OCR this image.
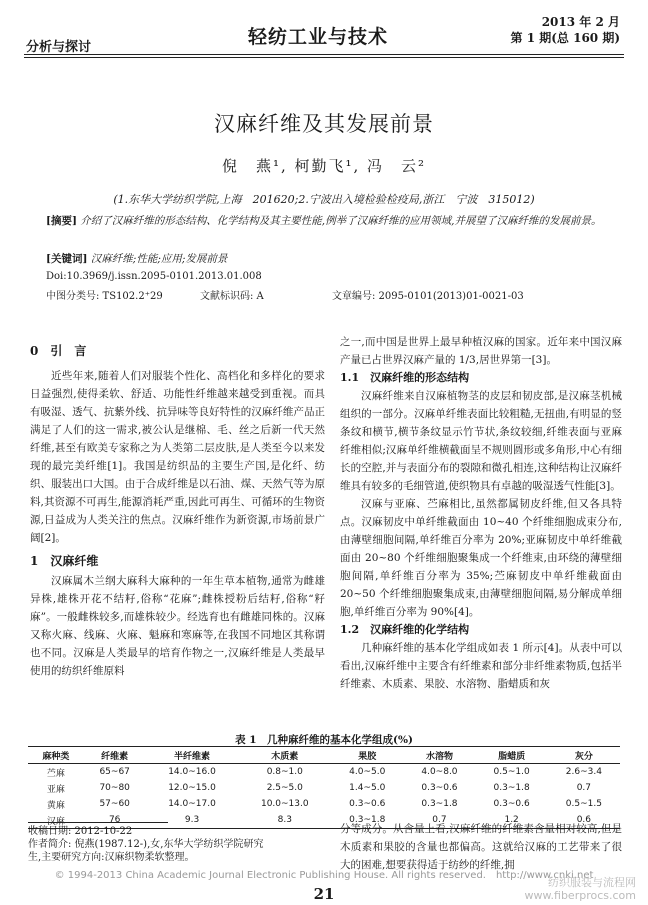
分析与探讨	轻纺工业与技术
2013 年 2 月
第 1 期(总 160 期)
汉麻纤维及其发展前景
倪　燕¹, 柯勤飞¹, 冯　云²
(1.东华大学纺织学院,上海　201620;2.宁波出入境检验检疫局,浙江　宁波　315012)
[摘要] 介绍了汉麻纤维的形态结构、化学结构及其主要性能,例举了汉麻纤维的应用领域,并展望了汉麻纤维的发展前景。
[关键词] 汉麻纤维;性能;应用;发展前景
Doi:10.3969/j.issn.2095-0101.2013.01.008
中图分类号: TS102.2⁺29	文献标识码: A	文章编号: 2095-0101(2013)01-0021-03
0　引　言

近些年来,随着人们对服装个性化、高档化和多样化的要求日益强烈,使得柔软、舒适、功能性纤维越来越受到重视。而具有吸湿、透气、抗紫外线、抗异味等良好特性的汉麻纤维产品正满足了人们的这一需求,被公认是继棉、毛、丝之后新一代天然纤维,甚至有欧美专家称之为人类第二层皮肤,是人类至今以来发现的最完美纤维[1]。我国是纺织品的主要生产国,是化纤、纺织、服装出口大国。由于合成纤维是以石油、煤、天然气等为原料,其资源不可再生,能源消耗严重,因此可再生、可循环的生物资源,日益成为人类关注的焦点。汉麻纤维作为新资源,市场前景广阔[2]。

1　汉麻纤维

汉麻属木兰纲大麻科大麻种的一年生草本植物,通常为雌雄异株,雄株开花不结籽,俗称“花麻”;雌株授粉后结籽,俗称“籽麻”。一般雌株较多,而雄株较少。经选育也有雌雄同株的。汉麻又称火麻、线麻、火麻、魁麻和寒麻等,在我国不同地区其称谓也不同。汉麻是人类最早的培育作物之一,汉麻纤维是人类最早使用的纺织纤维原料

之一,而中国是世界上最早种植汉麻的国家。近年来中国汉麻产量已占世界汉麻产量的 1/3,居世界第一[3]。

1.1　汉麻纤维的形态结构

汉麻纤维来自汉麻植物茎的皮层和韧皮部,是汉麻茎机械组织的一部分。汉麻单纤维表面比较粗糙,无扭曲,有明显的竖条纹和横节,横节条纹显示竹节状,条纹较细,纤维表面与亚麻纤维相似;汉麻单纤维横截面呈不规则圆形或多角形,中心有细长的空腔,并与表面分布的裂隙和微孔相连,这种结构让汉麻纤维具有较多的毛细管道,使织物具有卓越的吸湿透气性能[3]。

汉麻与亚麻、苎麻相比,虽然都属韧皮纤维,但又各具特点。汉麻韧皮中单纤维截面由 10~40 个纤维细胞成束分布,由薄壁细胞间隔,单纤维百分率为 20%;亚麻韧皮中单纤维截面由 20~80 个纤维细胞聚集成一个纤维束,由环绕的薄壁细胞间隔,单纤维百分率为 35%;苎麻韧皮中单纤维截面由 20~50 个纤维细胞聚集成束,由薄壁细胞间隔,易分解成单细胞,单纤维百分率为 90%[4]。

1.2　汉麻纤维的化学结构

几种麻纤维的基本化学组成如表 1 所示[4]。从表中可以看出,汉麻纤维中主要含有纤维素和部分非纤维素物质,包括半纤维素、木质素、果胶、水溶物、脂蜡质和灰

表 1　几种麻纤维的基本化学组成(%)
麻种类	纤维素	半纤维素	木质素	果胶	水溶物	脂蜡质	灰分
苎麻	65~67	14.0~16.0	0.8~1.0	4.0~5.0	4.0~8.0	0.5~1.0	2.6~3.4
亚麻	70~80	12.0~15.0	2.5~5.0	1.4~5.0	0.3~0.6	0.3~1.8	0.7
黄麻	57~60	14.0~17.0	10.0~13.0	0.3~0.6	0.3~1.8	0.3~0.6	0.5~1.5
汉麻	76	9.3	8.3	0.3~1.8	0.7	1.2	0.6
收稿日期: 2012-10-22
作者简介: 倪燕(1987.12-),女,东华大学纺织学院研究
生,主要研究方向:汉麻织物柔软整理。

分等成分。从含量上看,汉麻纤维的纤维素含量相对较高,但是木质素和果胶的含量也都偏高。这就给汉麻的工艺带来了很大的困难,想要获得适于纺纱的纤维,拥

© 1994-2013 China Academic Journal Electronic Publishing House. All rights reserved.　http://www.cnki.net
纺织服装与流程网
www.fiberprocs.com
21
